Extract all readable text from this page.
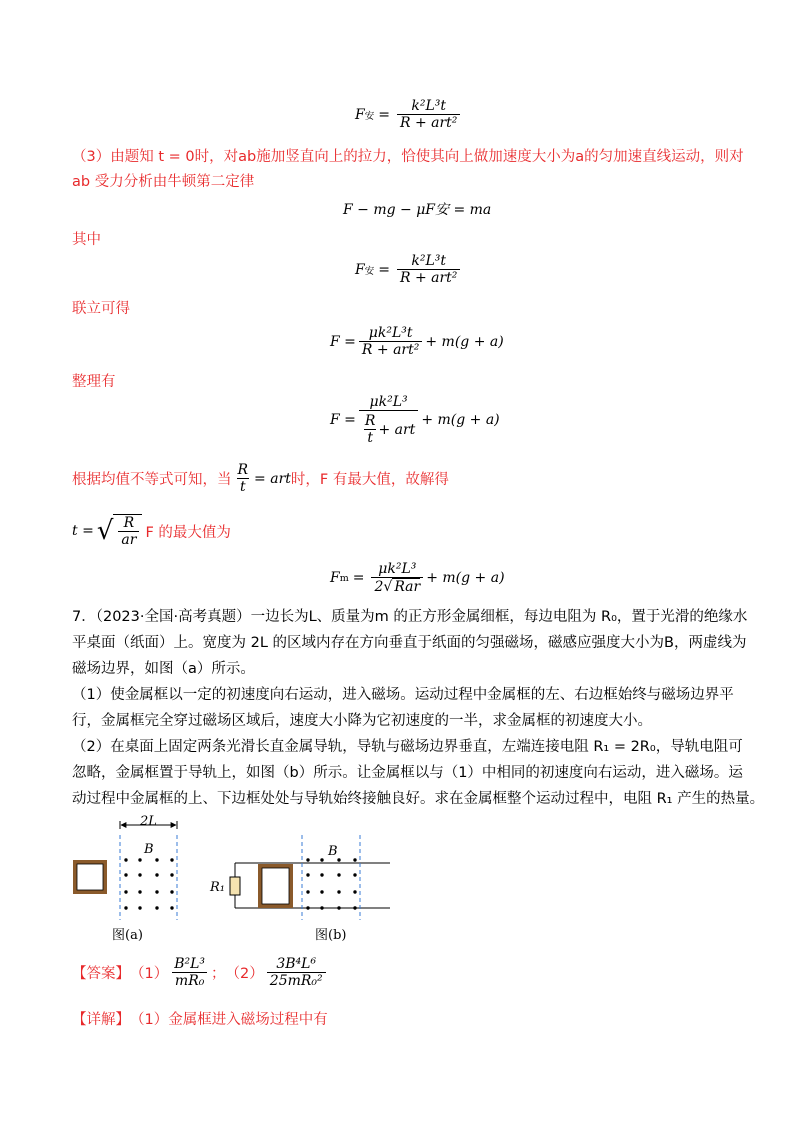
F 安 = $\frac{\text{k²L³t}}{\text{R + art²}}$
（3）由题知 t = 0时，对ab施加竖直向上的拉力，恰使其向上做加速度大小为a的匀加速直线运动，则对
ab 受力分析由牛顿第二定律
F − mg − μF安 = ma
其中
F 安 = $\frac{\text{k²L³t}}{\text{R + art²}}$
联立可得
$F = \frac{\text{μk²L³t}}{\text{R + art²}} + m(g + a)$
整理有
$F = \frac{\text{μk²L³}}{\frac{R}{t} + art} + m(g + a)$
根据均值不等式可知，当 $\frac{R}{t}$ = art 时，F 有最大值，故解得
t = √ $\frac{R}{ar}$ F 的最大值为
F $m = \frac{\text{μk²L³}}{\text{2 √ Rar}} + m(g + a)$
7．（2023·全国·高考真题）一边长为L、质量为m 的正方形金属细框，每边电阻为 R₀，置于光滑的绝缘水
平桌面（纸面）上。宽度为 2L 的区域内存在方向垂直于纸面的匀强磁场，磁感应强度大小为B，两虚线为
磁场边界，如图（a）所示。
（1）使金属框以一定的初速度向右运动，进入磁场。运动过程中金属框的左、右边框始终与磁场边界平
行，金属框完全穿过磁场区域后，速度大小降为它初速度的一半，求金属框的初速度大小。
（2）在桌面上固定两条光滑长直金属导轨，导轨与磁场边界垂直，左端连接电阻 R₁ = 2R₀，导轨电阻可
忽略，金属框置于导轨上，如图（b）所示。让金属框以与（1）中相同的初速度向右运动，进入磁场。运
动过程中金属框的上、下边框处处与导轨始终接触良好。求在金属框整个运动过程中，电阻 R₁ 产生的热量。
2L
B
图(a)
R₁
B
图(b)
【答案】 $(1) \frac{\text{B²L³}}{\text{mR₀}}$ ； $(2) \frac{\text{3B⁴L⁶}}{\text{25mR₀²}}$
【详解】 （1）金属框进入磁场过程中有
